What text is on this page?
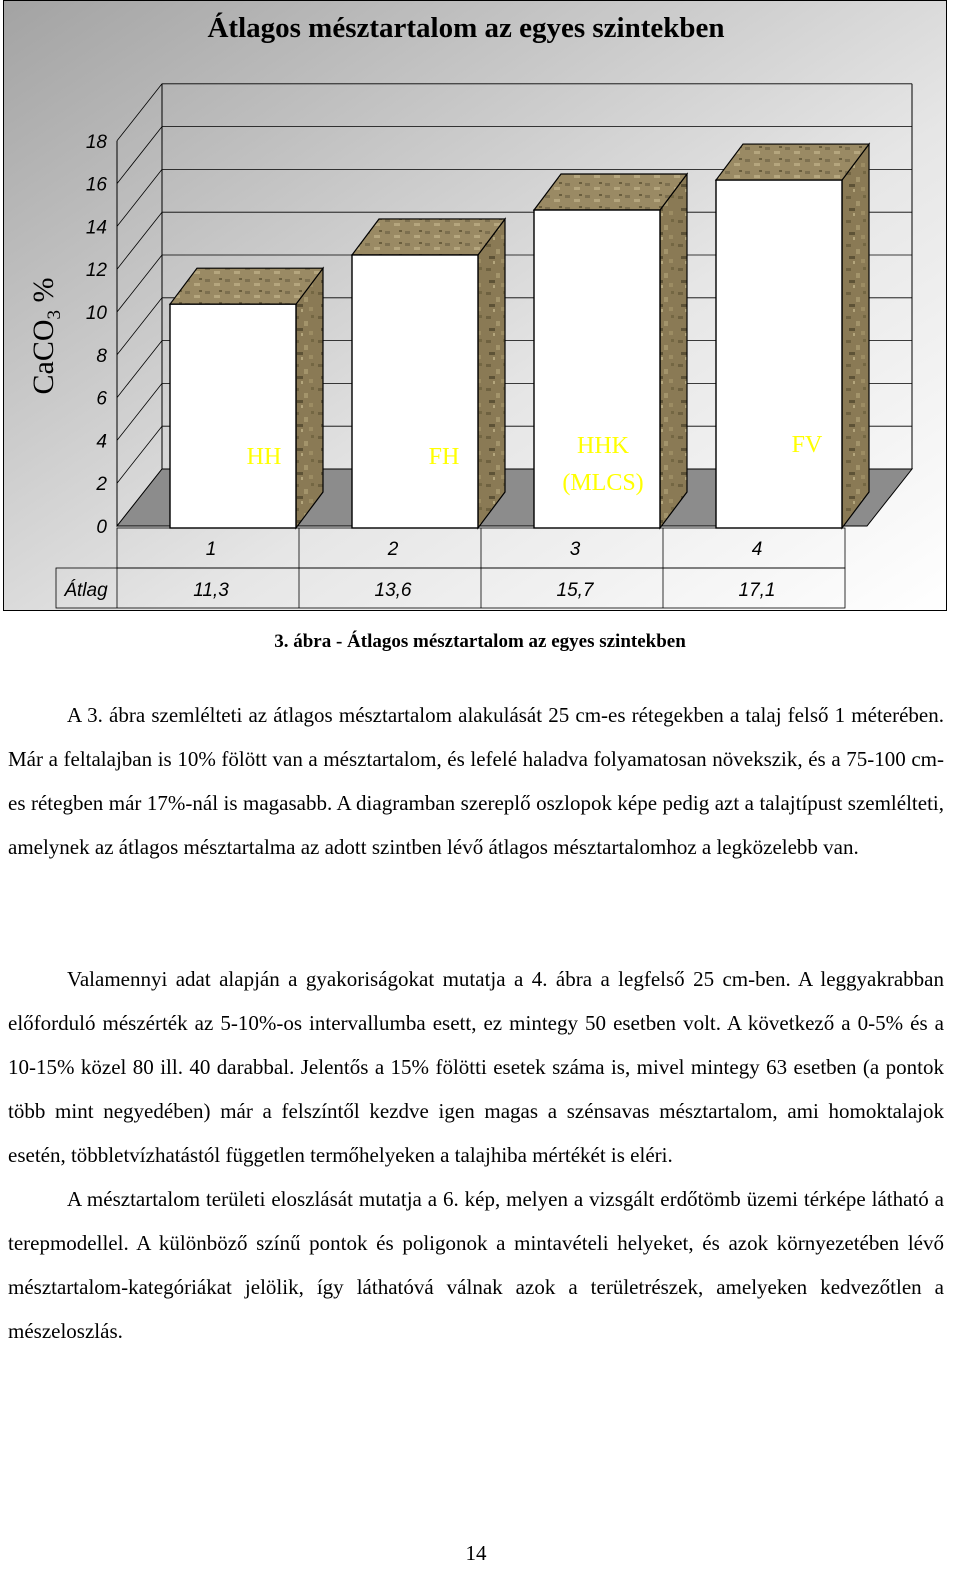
HH	FH	HHK
(MLCS)
FV
0
2
4
6
8
10
12
14
16
18
1	2	3	4
Átlag	11,3	13,6	15,7	17,1
Átlagos mésztartalom az egyes szintekben
CaCO$_3$ %
3. ábra - Átlagos mésztartalom az egyes szintekben

A 3. ábra szemlélteti az átlagos mésztartalom alakulását 25 cm-es rétegekben a talaj felső 1 méterében. Már a feltalajban is 10% fölött van a mésztartalom, és lefelé haladva folyamatosan növekszik, és a 75-100 cm-es rétegben már 17%-nál is magasabb. A diagramban szereplő oszlopok képe pedig azt a talajtípust szemlélteti, amelynek az átlagos mésztartalma az adott szintben lévő átlagos mésztartalomhoz a legközelebb van.

Valamennyi adat alapján a gyakoriságokat mutatja a 4. ábra a legfelső 25 cm-ben. A leggyakrabban előforduló mészérték az 5-10%-os intervallumba esett, ez mintegy 50 esetben volt. A következő a 0-5% és a 10-15% közel 80 ill. 40 darabbal. Jelentős a 15% fölötti esetek száma is, mivel mintegy 63 esetben (a pontok több mint negyedében) már a felszíntől kezdve igen magas a szénsavas mésztartalom, ami homoktalajok esetén, többletvízhatástól független termőhelyeken a talajhiba mértékét is eléri.

A mésztartalom területi eloszlását mutatja a 6. kép, melyen a vizsgált erdőtömb üzemi térképe látható a terepmodellel. A különböző színű pontok és poligonok a mintavételi helyeket, és azok környezetében lévő mésztartalom-kategóriákat jelölik, így láthatóvá válnak azok a területrészek, amelyeken kedvezőtlen a mészeloszlás.

14
